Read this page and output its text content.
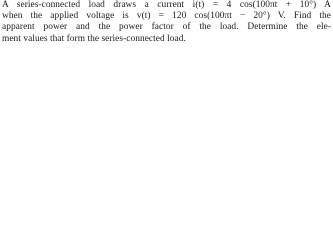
A series-connected load draws a current i(t) = 4 cos(100πt + 10°) A
when the applied voltage is v(t) = 120 cos(100πt − 20°) V. Find the
apparent power and the power factor of the load. Determine the ele-
ment values that form the series-connected load.
